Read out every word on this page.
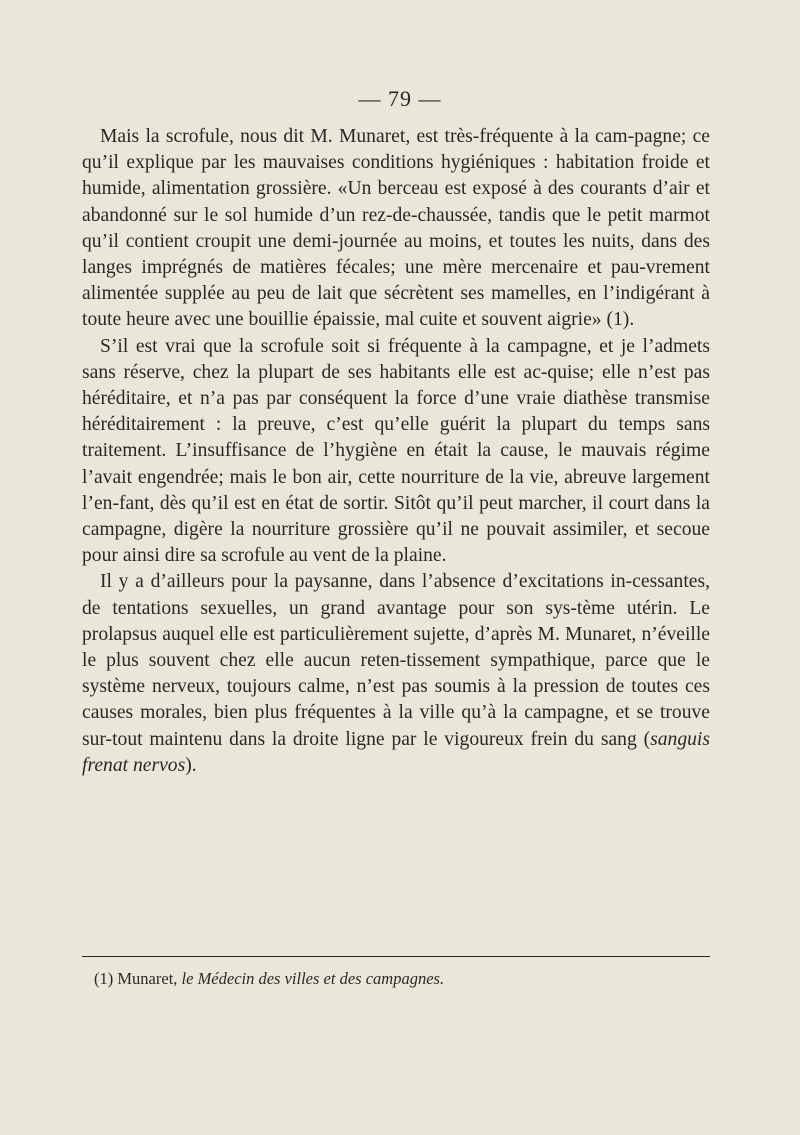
— 79 —

Mais la scrofule, nous dit M. Munaret, est très-fréquente à la cam-pagne; ce qu’il explique par les mauvaises conditions hygiéniques : habitation froide et humide, alimentation grossière. «Un berceau est exposé à des courants d’air et abandonné sur le sol humide d’un rez-de-chaussée, tandis que le petit marmot qu’il contient croupit une demi-journée au moins, et toutes les nuits, dans des langes imprégnés de matières fécales; une mère mercenaire et pau-vrement alimentée supplée au peu de lait que sécrètent ses mamelles, en l’indigérant à toute heure avec une bouillie épaissie, mal cuite et souvent aigrie» (1).

S’il est vrai que la scrofule soit si fréquente à la campagne, et je l’admets sans réserve, chez la plupart de ses habitants elle est ac-quise; elle n’est pas héréditaire, et n’a pas par conséquent la force d’une vraie diathèse transmise héréditairement : la preuve, c’est qu’elle guérit la plupart du temps sans traitement. L’insuffisance de l’hygiène en était la cause, le mauvais régime l’avait engendrée; mais le bon air, cette nourriture de la vie, abreuve largement l’en-fant, dès qu’il est en état de sortir. Sitôt qu’il peut marcher, il court dans la campagne, digère la nourriture grossière qu’il ne pouvait assimiler, et secoue pour ainsi dire sa scrofule au vent de la plaine.

Il y a d’ailleurs pour la paysanne, dans l’absence d’excitations in-cessantes, de tentations sexuelles, un grand avantage pour son sys-tème utérin. Le prolapsus auquel elle est particulièrement sujette, d’après M. Munaret, n’éveille le plus souvent chez elle aucun reten-tissement sympathique, parce que le système nerveux, toujours calme, n’est pas soumis à la pression de toutes ces causes morales, bien plus fréquentes à la ville qu’à la campagne, et se trouve sur-tout maintenu dans la droite ligne par le vigoureux frein du sang (sanguis frenat nervos).

(1) Munaret, le Médecin des villes et des campagnes.
